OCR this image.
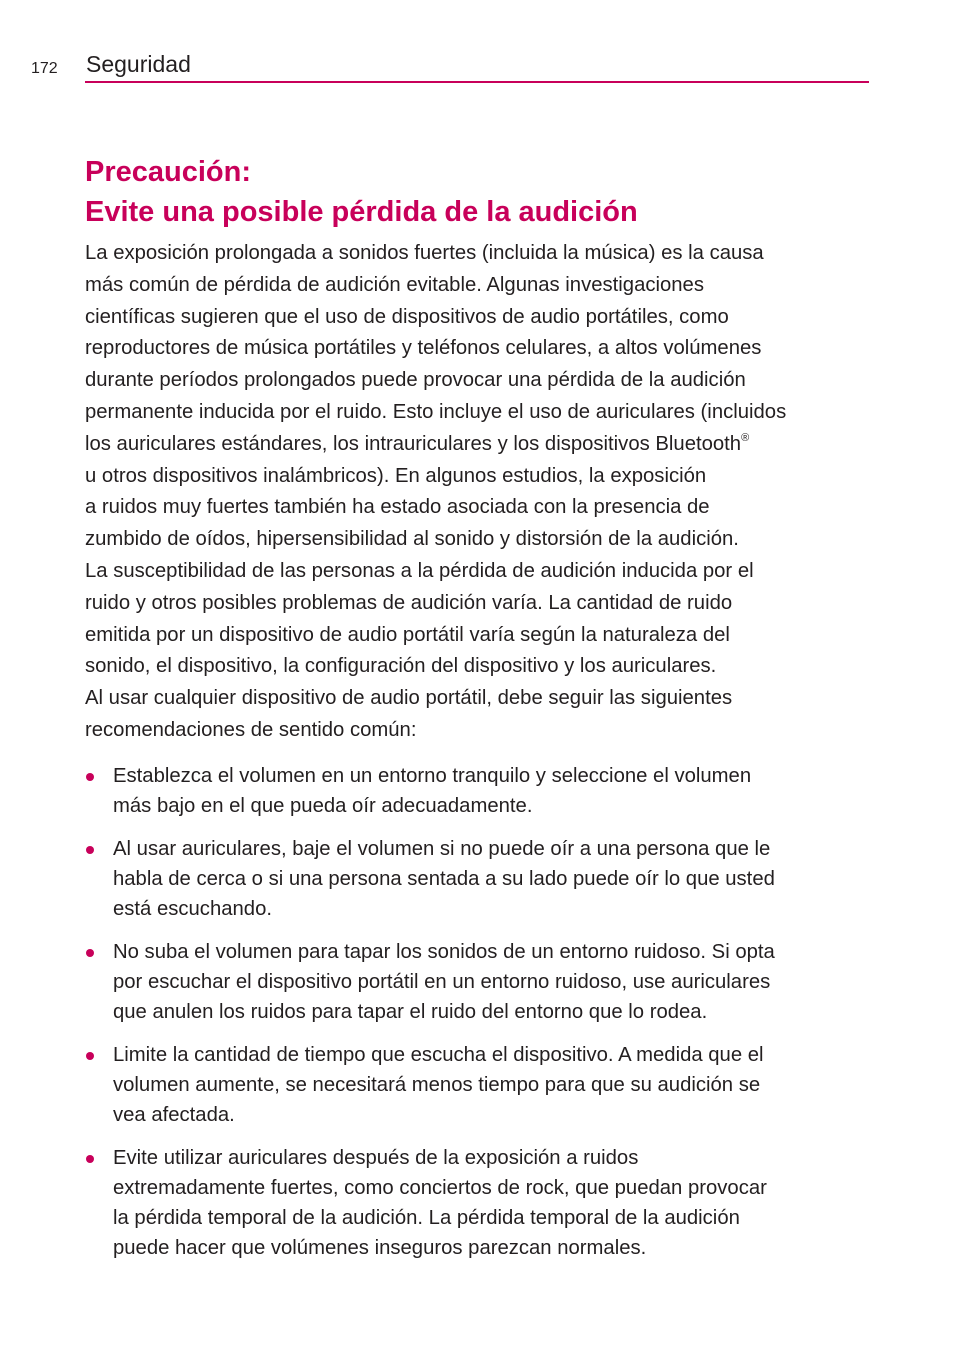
172 Seguridad
Precaución:
Evite una posible pérdida de la audición

La exposición prolongada a sonidos fuertes (incluida la música) es la causa
más común de pérdida de audición evitable. Algunas investigaciones
científicas sugieren que el uso de dispositivos de audio portátiles, como
reproductores de música portátiles y teléfonos celulares, a altos volúmenes
durante períodos prolongados puede provocar una pérdida de la audición
permanente inducida por el ruido. Esto incluye el uso de auriculares (incluidos
los auriculares estándares, los intrauriculares y los dispositivos Bluetooth®
u otros dispositivos inalámbricos). En algunos estudios, la exposición
a ruidos muy fuertes también ha estado asociada con la presencia de
zumbido de oídos, hipersensibilidad al sonido y distorsión de la audición.

La susceptibilidad de las personas a la pérdida de audición inducida por el
ruido y otros posibles problemas de audición varía. La cantidad de ruido
emitida por un dispositivo de audio portátil varía según la naturaleza del
sonido, el dispositivo, la configuración del dispositivo y los auriculares.

Al usar cualquier dispositivo de audio portátil, debe seguir las siguientes
recomendaciones de sentido común:

Establezca el volumen en un entorno tranquilo y seleccione el volumen
más bajo en el que pueda oír adecuadamente.
Al usar auriculares, baje el volumen si no puede oír a una persona que le
habla de cerca o si una persona sentada a su lado puede oír lo que usted
está escuchando.
No suba el volumen para tapar los sonidos de un entorno ruidoso. Si opta
por escuchar el dispositivo portátil en un entorno ruidoso, use auriculares
que anulen los ruidos para tapar el ruido del entorno que lo rodea.
Limite la cantidad de tiempo que escucha el dispositivo. A medida que el
volumen aumente, se necesitará menos tiempo para que su audición se
vea afectada.
Evite utilizar auriculares después de la exposición a ruidos
extremadamente fuertes, como conciertos de rock, que puedan provocar
la pérdida temporal de la audición. La pérdida temporal de la audición
puede hacer que volúmenes inseguros parezcan normales.
